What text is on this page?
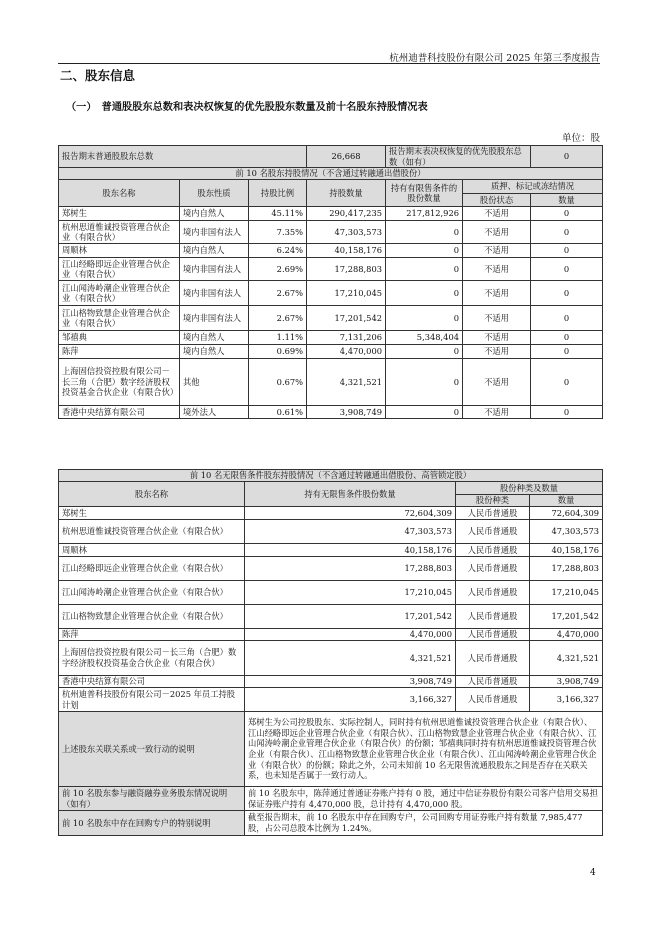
杭州迪普科技股份有限公司 2025 年第三季度报告
二、股东信息
（一）　普通股股东总数和表决权恢复的优先股股东数量及前十名股东持股情况表
单位：股
报告期末普通股股东总数			26,668	报告期末表决权恢复的优先股股东总数（如有）		0
前 10 名股东持股情况（不含通过转融通出借股份）						
股东名称	股东性质	持股比例	持股数量	持有有限售条件的股份数量	质押、标记或冻结情况	
					股份状态	数量
郑树生	境内自然人	45.11%	290,417,235	217,812,926	不适用	0
杭州思道惟诚投资管理合伙企业（有限合伙）	境内非国有法人	7.35%	47,303,573	0	不适用	0
周顺林	境内自然人	6.24%	40,158,176	0	不适用	0
江山经略即远企业管理合伙企业（有限合伙）	境内非国有法人	2.69%	17,288,803	0	不适用	0
江山闻涛岭潮企业管理合伙企业（有限合伙）	境内非国有法人	2.67%	17,210,045	0	不适用	0
江山格物致慧企业管理合伙企业（有限合伙）	境内非国有法人	2.67%	17,201,542	0	不适用	0
邹禧典	境内自然人	1.11%	7,131,206	5,348,404	不适用	0
陈萍	境内自然人	0.69%	4,470,000	0	不适用	0
上海固信投资控股有限公司－长三角（合肥）数字经济股权投资基金合伙企业（有限合伙）	其他	0.67%	4,321,521	0	不适用	0
香港中央结算有限公司	境外法人	0.61%	3,908,749	0	不适用	0
前 10 名无限售条件股东持股情况（不含通过转融通出借股份、高管锁定股）			
股东名称	持有无限售条件股份数量	股份种类及数量	
		股份种类	数量
郑树生	72,604,309	人民币普通股	72,604,309
杭州思道惟诚投资管理合伙企业（有限合伙）	47,303,573	人民币普通股	47,303,573
周顺林	40,158,176	人民币普通股	40,158,176
江山经略即远企业管理合伙企业（有限合伙）	17,288,803	人民币普通股	17,288,803
江山闻涛岭潮企业管理合伙企业（有限合伙）	17,210,045	人民币普通股	17,210,045
江山格物致慧企业管理合伙企业（有限合伙）	17,201,542	人民币普通股	17,201,542
陈萍	4,470,000	人民币普通股	4,470,000
上海固信投资控股有限公司－长三角（合肥）数字经济股权投资基金合伙企业（有限合伙）	4,321,521	人民币普通股	4,321,521
香港中央结算有限公司	3,908,749	人民币普通股	3,908,749
杭州迪普科技股份有限公司－2025 年员工持股计划	3,166,327	人民币普通股	3,166,327
上述股东关联关系或一致行动的说明	郑树生为公司控股股东、实际控制人，同时持有杭州思道惟诚投资管理合伙企业（有限合伙）、江山经略即远企业管理合伙企业（有限合伙）、江山格物致慧企业管理合伙企业（有限合伙）、江山闻涛岭潮企业管理合伙企业（有限合伙）的份额；邹禧典同时持有杭州思道惟诚投资管理合伙企业（有限合伙）、江山格物致慧企业管理合伙企业（有限合伙）、江山闻涛岭潮企业管理合伙企业（有限合伙）的份额；除此之外，公司未知前 10 名无限售流通股股东之间是否存在关联关系，也未知是否属于一致行动人。		
前 10 名股东参与融资融券业务股东情况说明（如有）	前 10 名股东中，陈萍通过普通证券账户持有 0 股，通过中信证券股份有限公司客户信用交易担保证券账户持有 4,470,000 股，总计持有 4,470,000 股。		
前 10 名股东中存在回购专户的特别说明	截至报告期末，前 10 名股东中存在回购专户，公司回购专用证券账户持有数量 7,985,477 股，占公司总股本比例为 1.24%。		
4
